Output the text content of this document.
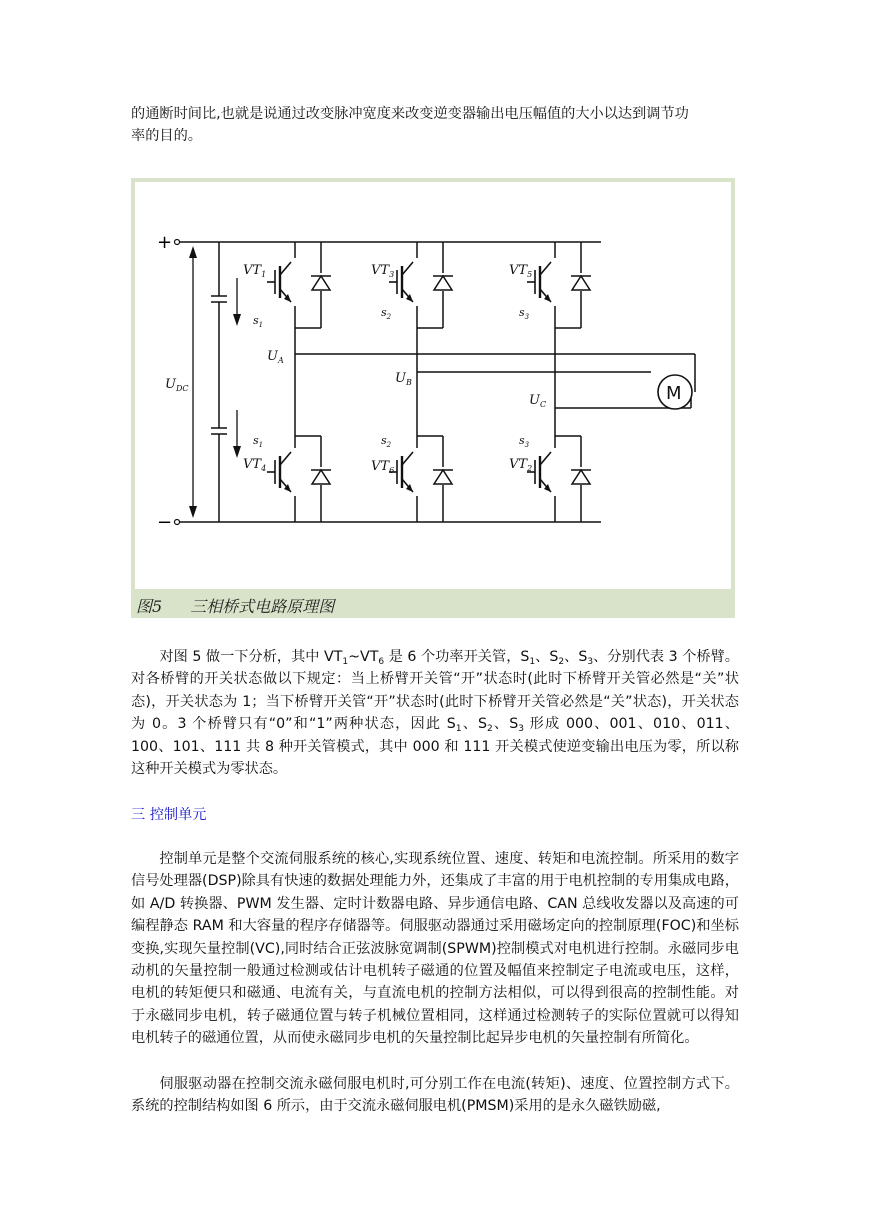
的通断时间比,也就是说通过改变脉冲宽度来改变逆变器输出电压幅值的大小以达到调节功
率的目的。

+
−
$U_{DC}$	M
$VT_1$	$VT_3$	$VT_5$
$s_1$
$s_2$	$s_3$
$U_A$
$U_B$
$U_C$
$s_1$	$s_2$	$s_3$
$VT_4$	$VT_6$	$VT_2$
图5 三相桥式电路原理图

对图 5 做一下分析，其中 $VT_1\sim VT_6$ 是 6 个功率开关管，$S_1$、$S_2$、$S_3$、分别代表 3 个桥臂。对各桥臂的开关状态做以下规定：当上桥臂开关管“开”状态时(此时下桥臂开关管必然是“关”状态)，开关状态为 1；当下桥臂开关管“开”状态时(此时下桥臂开关管必然是“关”状态)，开关状态为 0。3 个桥臂只有“0”和“1”两种状态，因此 $S_1$、$S_2$、$S_3$ 形成 000、001、010、011、100、101、111 共 8 种开关管模式，其中 000 和 111 开关模式使逆变输出电压为零，所以称这种开关模式为零状态。

三 控制单元

控制单元是整个交流伺服系统的核心,实现系统位置、速度、转矩和电流控制。所采用的数字信号处理器(DSP)除具有快速的数据处理能力外，还集成了丰富的用于电机控制的专用集成电路，如 A/D 转换器、PWM 发生器、定时计数器电路、异步通信电路、CAN 总线收发器以及高速的可编程静态 RAM 和大容量的程序存储器等。伺服驱动器通过采用磁场定向的控制原理(FOC)和坐标变换,实现矢量控制(VC),同时结合正弦波脉宽调制(SPWM)控制模式对电机进行控制。永磁同步电动机的矢量控制一般通过检测或估计电机转子磁通的位置及幅值来控制定子电流或电压，这样，电机的转矩便只和磁通、电流有关，与直流电机的控制方法相似，可以得到很高的控制性能。对于永磁同步电机，转子磁通位置与转子机械位置相同，这样通过检测转子的实际位置就可以得知电机转子的磁通位置，从而使永磁同步电机的矢量控制比起异步电机的矢量控制有所简化。

伺服驱动器在控制交流永磁伺服电机时,可分别工作在电流(转矩)、速度、位置控制方式下。系统的控制结构如图 6 所示，由于交流永磁伺服电机(PMSM)采用的是永久磁铁励磁,
